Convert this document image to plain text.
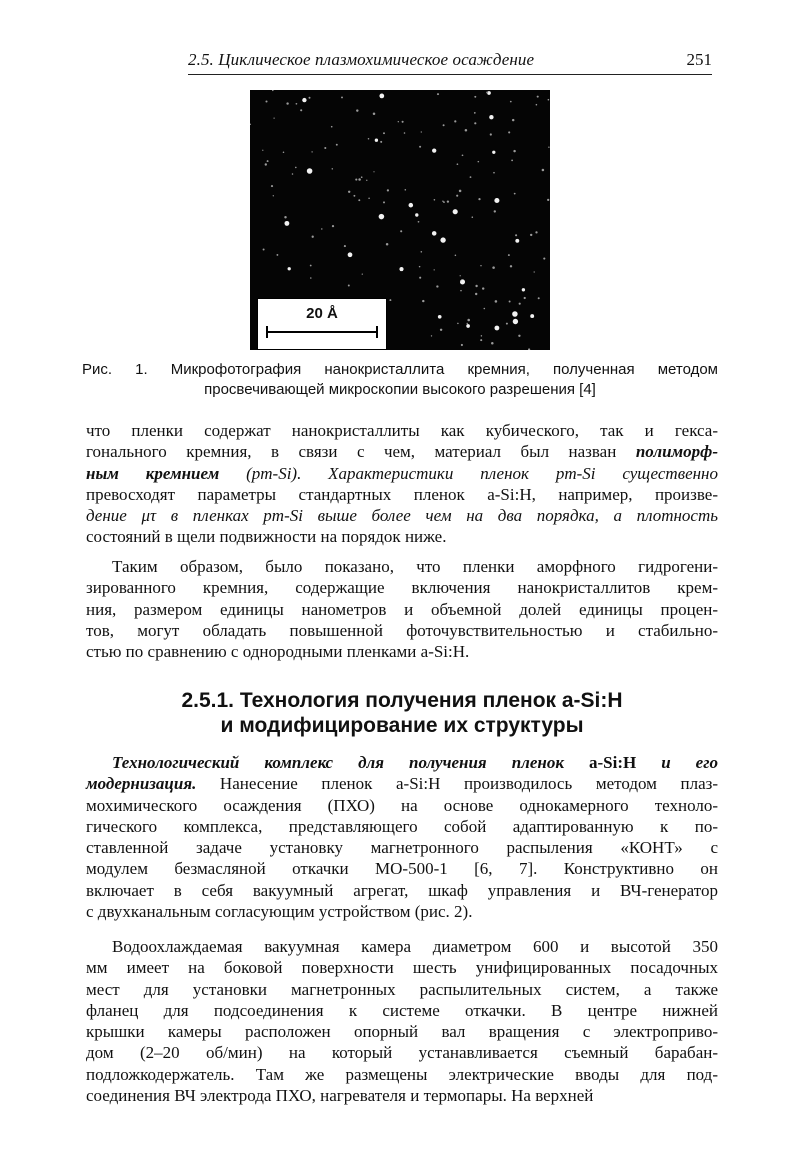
2.5. Циклическое плазмохимическое осаждение	251
20 Å
Рис. 1. Микрофотография нанокристаллита кремния, полученная методом
просвечивающей микроскопии высокого разрешения [4]
что пленки содержат нанокристаллиты как кубического, так и гекса-
гонального кремния, в связи с чем, материал был назван полиморф-
ным кремнием (pm-Si). Характеристики пленок pm-Si существенно
превосходят параметры стандартных пленок a-Si:H, например, произве-
дение μτ в пленках pm-Si выше более чем на два порядка, а плотность
состояний в щели подвижности на порядок ниже.
Таким образом, было показано, что пленки аморфного гидрогени-
зированного кремния, содержащие включения нанокристаллитов крем-
ния, размером единицы нанометров и объемной долей единицы процен-
тов, могут обладать повышенной фоточувствительностью и стабильно-
стью по сравнению с однородными пленками a-Si:H.
2.5.1. Технология получения пленок a-Si:H
и модифицирование их структуры
Технологический комплекс для получения пленок a-Si:H и его
модернизация. Нанесение пленок a-Si:H производилось методом плаз-
мохимического осаждения (ПХО) на основе однокамерного техноло-
гического комплекса, представляющего собой адаптированную к по-
ставленной задаче установку магнетронного распыления «КОНТ» с
модулем безмасляной откачки МО-500-1 [6, 7]. Конструктивно он
включает в себя вакуумный агрегат, шкаф управления и ВЧ-генератор
с двухканальным согласующим устройством (рис. 2).
Водоохлаждаемая вакуумная камера диаметром 600 и высотой 350
мм имеет на боковой поверхности шесть унифицированных посадочных
мест для установки магнетронных распылительных систем, а также
фланец для подсоединения к системе откачки. В центре нижней
крышки камеры расположен опорный вал вращения с электроприво-
дом (2–20 об/мин) на который устанавливается съемный барабан-
подложкодержатель. Там же размещены электрические вводы для под-
соединения ВЧ электрода ПХО, нагревателя и термопары. На верхней
